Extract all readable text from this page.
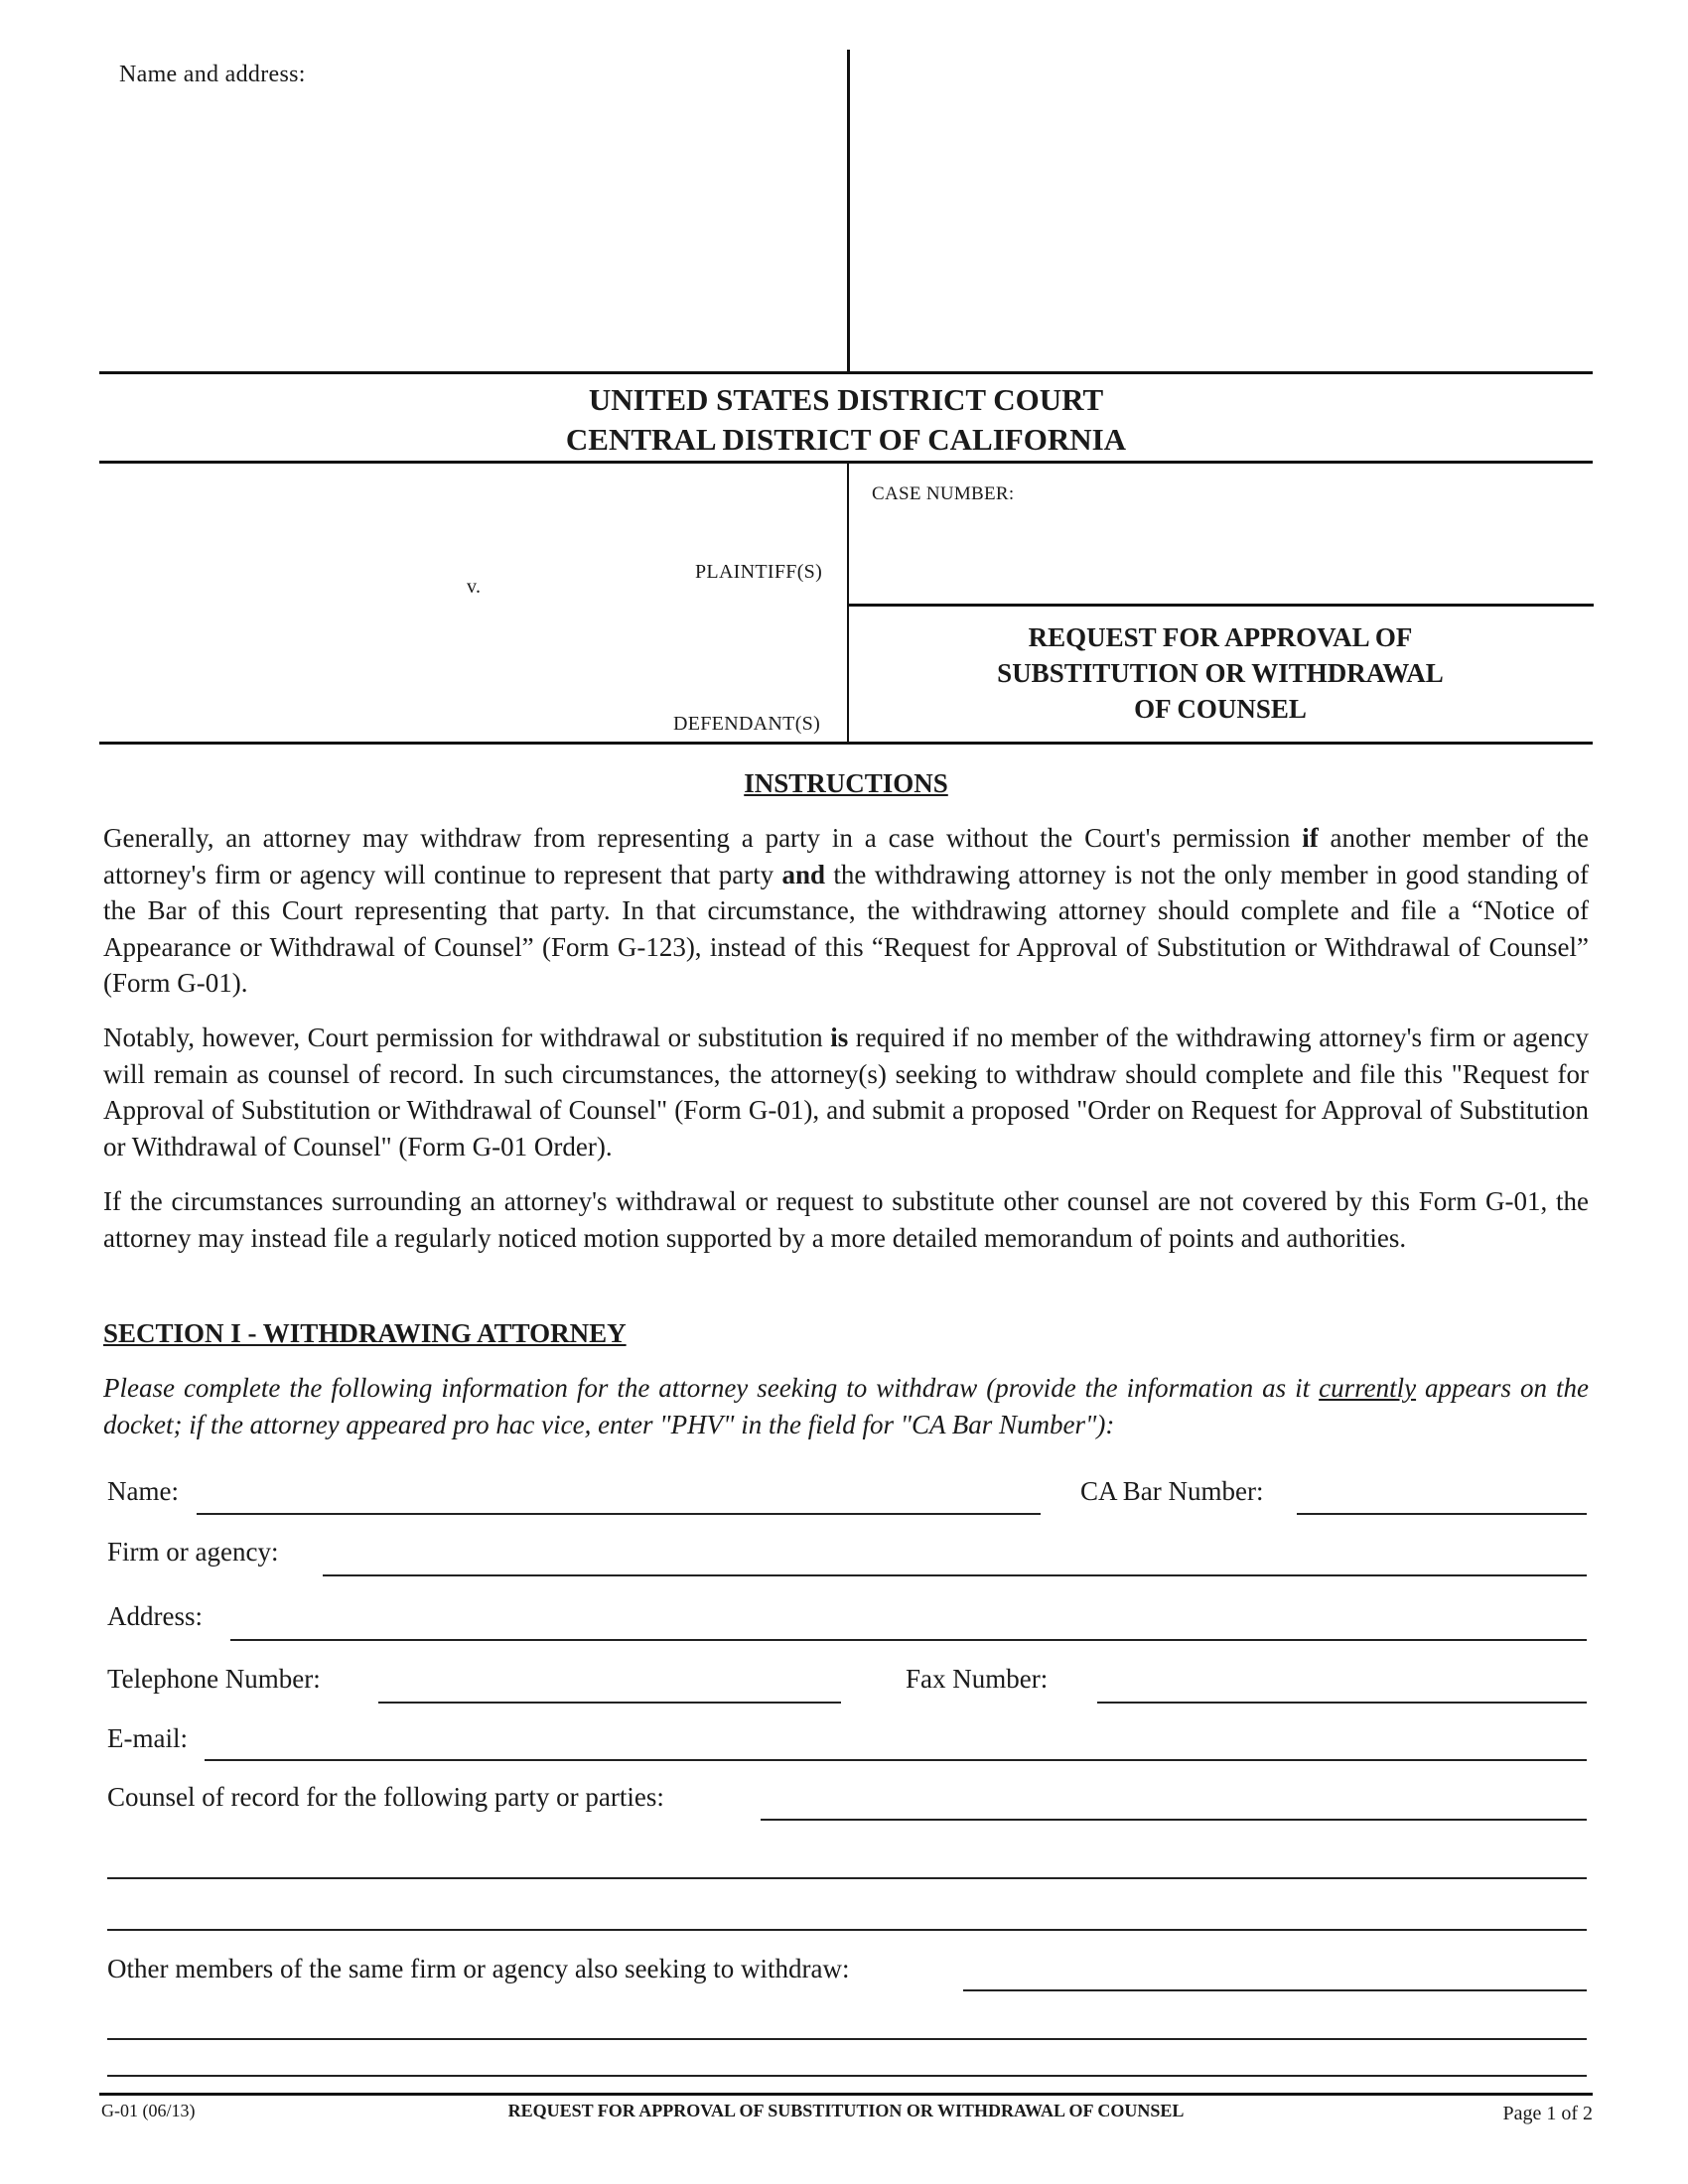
Name and address:
UNITED STATES DISTRICT COURT
CENTRAL DISTRICT OF CALIFORNIA
CASE NUMBER:
PLAINTIFF(S)
v.
DEFENDANT(S)
REQUEST FOR APPROVAL OF
SUBSTITUTION OR WITHDRAWAL
OF COUNSEL
INSTRUCTIONS
Generally, an attorney may withdraw from representing a party in a case without the Court's permission if another member of the attorney's firm or agency will continue to represent that party and the withdrawing attorney is not the only member in good standing of the Bar of this Court representing that party. In that circumstance, the withdrawing attorney should complete and file a “Notice of Appearance or Withdrawal of Counsel” (Form G-123), instead of this “Request for Approval of Substitution or Withdrawal of Counsel” (Form G-01).
Notably, however, Court permission for withdrawal or substitution is required if no member of the withdrawing attorney's firm or agency will remain as counsel of record. In such circumstances, the attorney(s) seeking to withdraw should complete and file this "Request for Approval of Substitution or Withdrawal of Counsel" (Form G-01), and submit a proposed "Order on Request for Approval of Substitution or Withdrawal of Counsel" (Form G-01 Order).
If the circumstances surrounding an attorney's withdrawal or request to substitute other counsel are not covered by this Form G-01, the attorney may instead file a regularly noticed motion supported by a more detailed memorandum of points and authorities.
SECTION I - WITHDRAWING ATTORNEY
Please complete the following information for the attorney seeking to withdraw (provide the information as it currently appears on the docket; if the attorney appeared pro hac vice, enter "PHV" in the field for "CA Bar Number"):
Name:	CA Bar Number:
Firm or agency:
Address:
Telephone Number:	Fax Number:
E-mail:
Counsel of record for the following party or parties:
Other members of the same firm or agency also seeking to withdraw:
G-01 (06/13)	REQUEST FOR APPROVAL OF SUBSTITUTION OR WITHDRAWAL OF COUNSEL	Page 1 of 2
